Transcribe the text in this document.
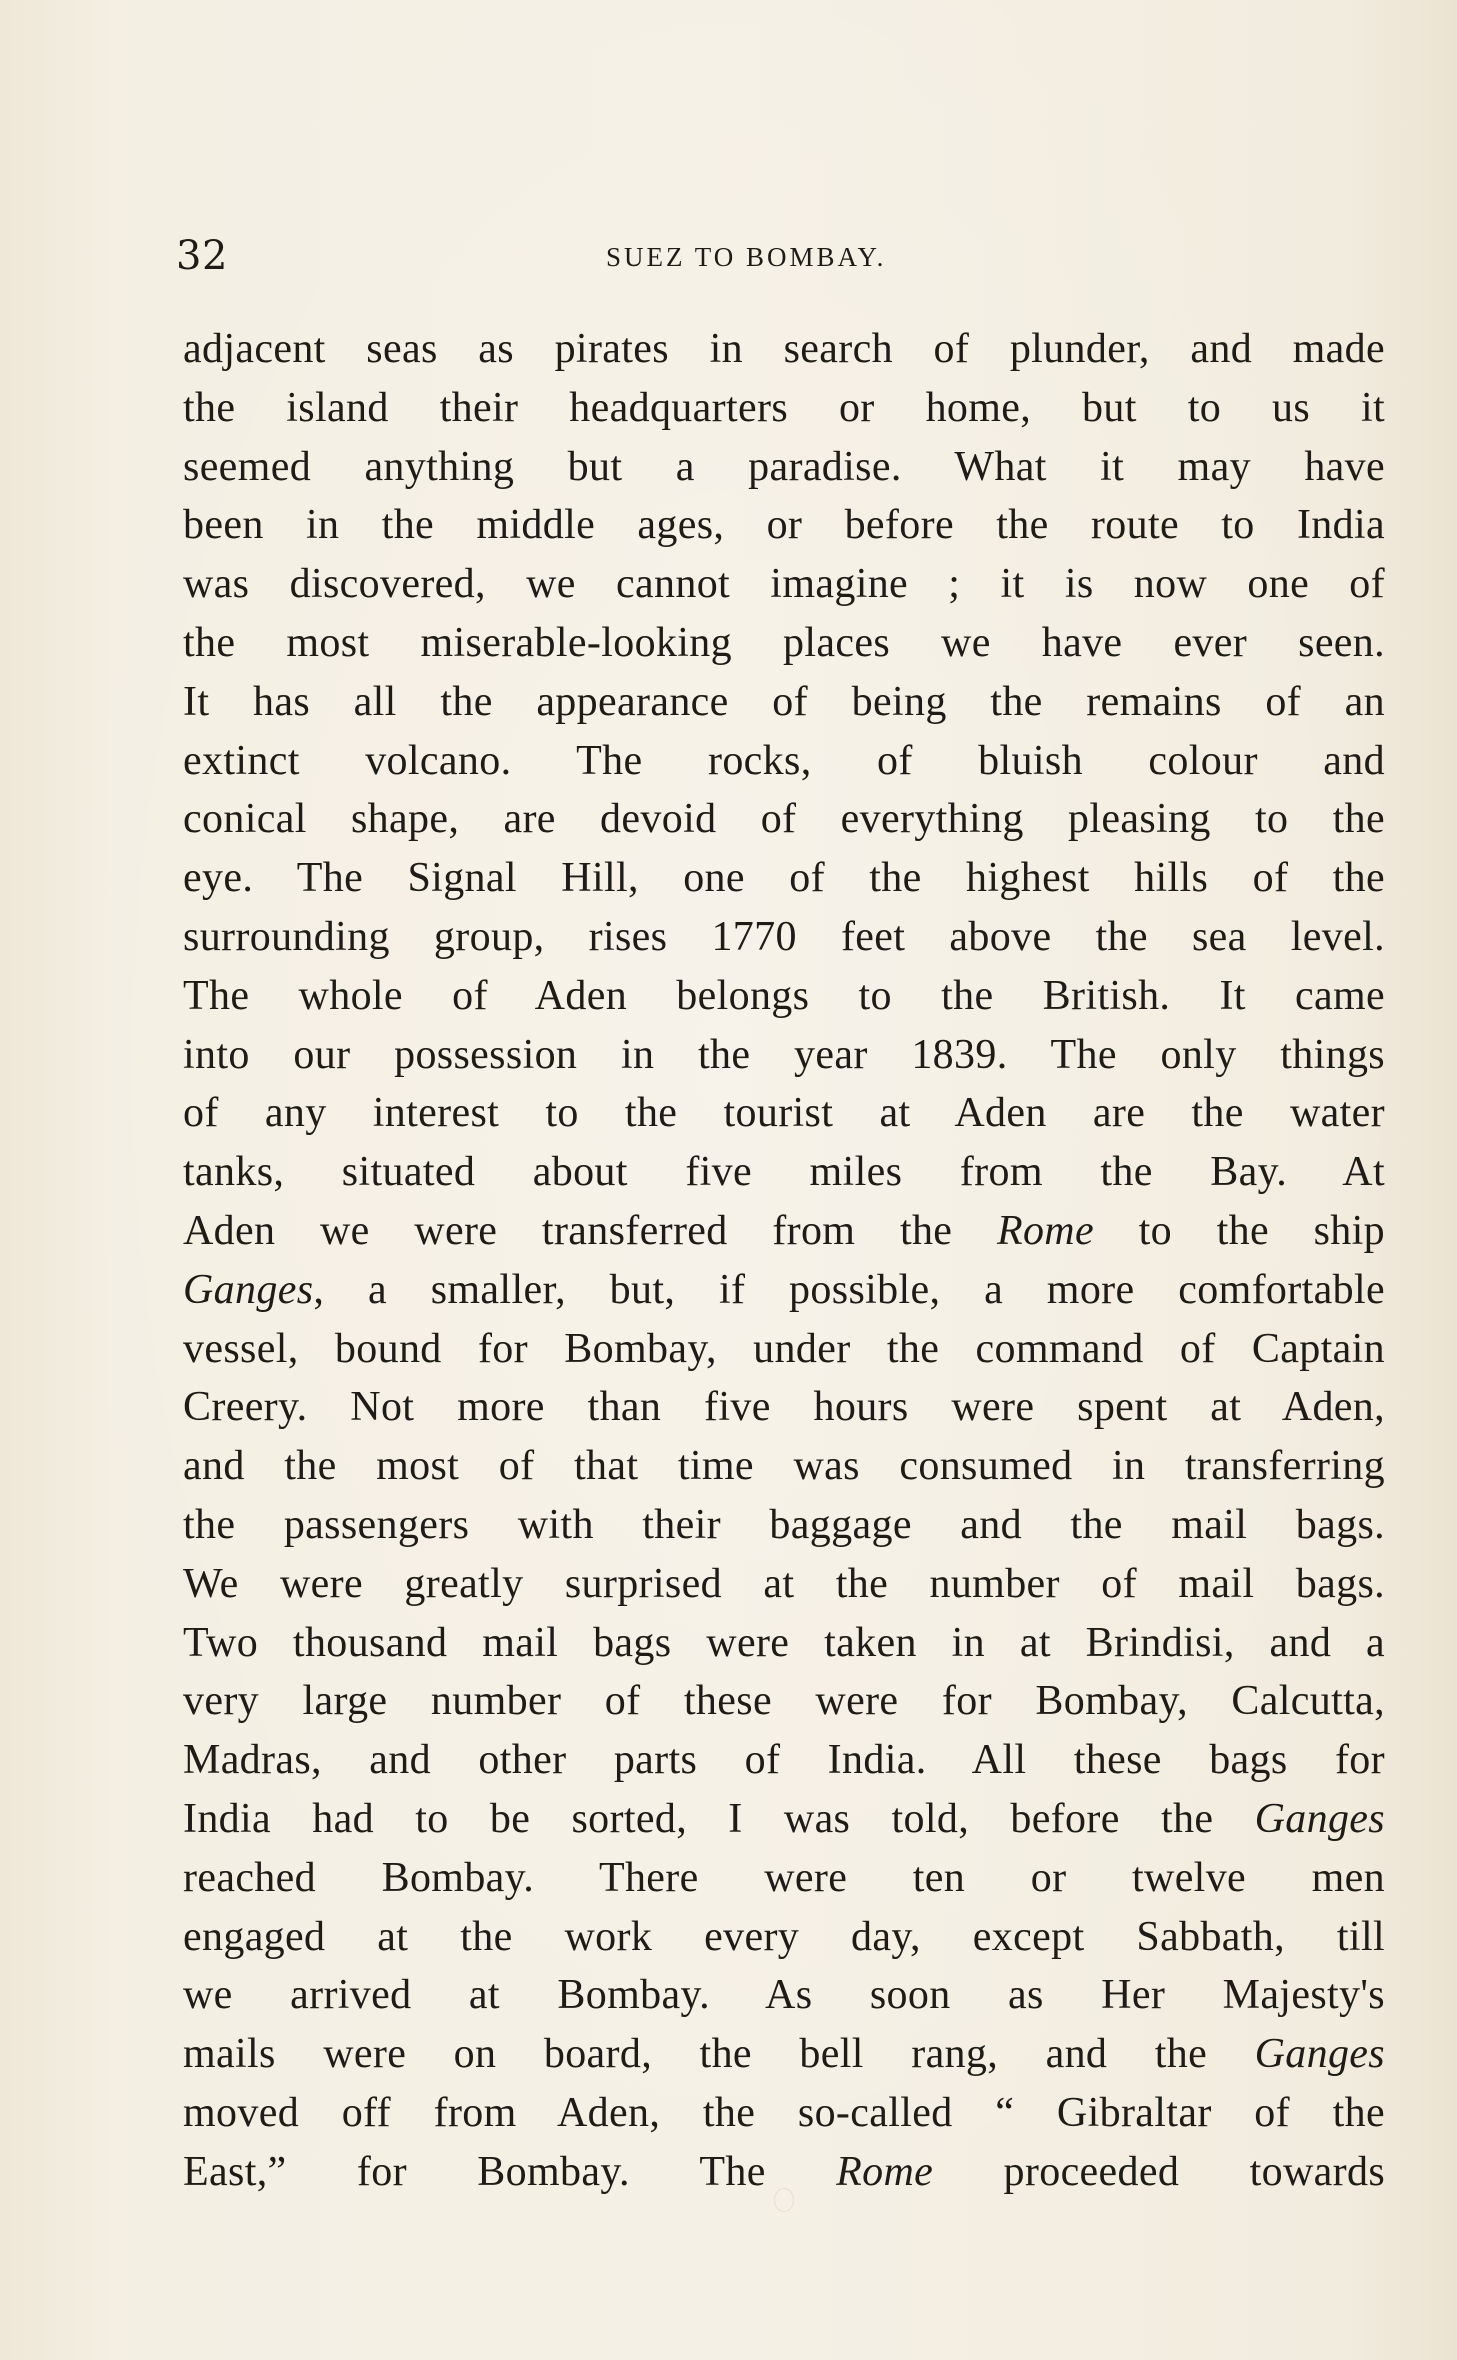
32	SUEZ TO BOMBAY.
adjacent seas as pirates in search of plunder, and made
the island their headquarters or home, but to us it
seemed anything but a paradise. What it may have
been in the middle ages, or before the route to India
was discovered, we cannot imagine ; it is now one of
the most miserable-looking places we have ever seen.
It has all the appearance of being the remains of an
extinct volcano. The rocks, of bluish colour and
conical shape, are devoid of everything pleasing to the
eye. The Signal Hill, one of the highest hills of the
surrounding group, rises 1770 feet above the sea level.
The whole of Aden belongs to the British. It came
into our possession in the year 1839. The only things
of any interest to the tourist at Aden are the water
tanks, situated about five miles from the Bay. At
Aden we were transferred from the Rome to the ship
Ganges, a smaller, but, if possible, a more comfortable
vessel, bound for Bombay, under the command of Captain
Creery. Not more than five hours were spent at Aden,
and the most of that time was consumed in transferring
the passengers with their baggage and the mail bags.
We were greatly surprised at the number of mail bags.
Two thousand mail bags were taken in at Brindisi, and a
very large number of these were for Bombay, Calcutta,
Madras, and other parts of India. All these bags for
India had to be sorted, I was told, before the Ganges
reached Bombay. There were ten or twelve men
engaged at the work every day, except Sabbath, till
we arrived at Bombay. As soon as Her Majesty's
mails were on board, the bell rang, and the Ganges
moved off from Aden, the so-called “ Gibraltar of the
East,” for Bombay. The Rome proceeded towards
